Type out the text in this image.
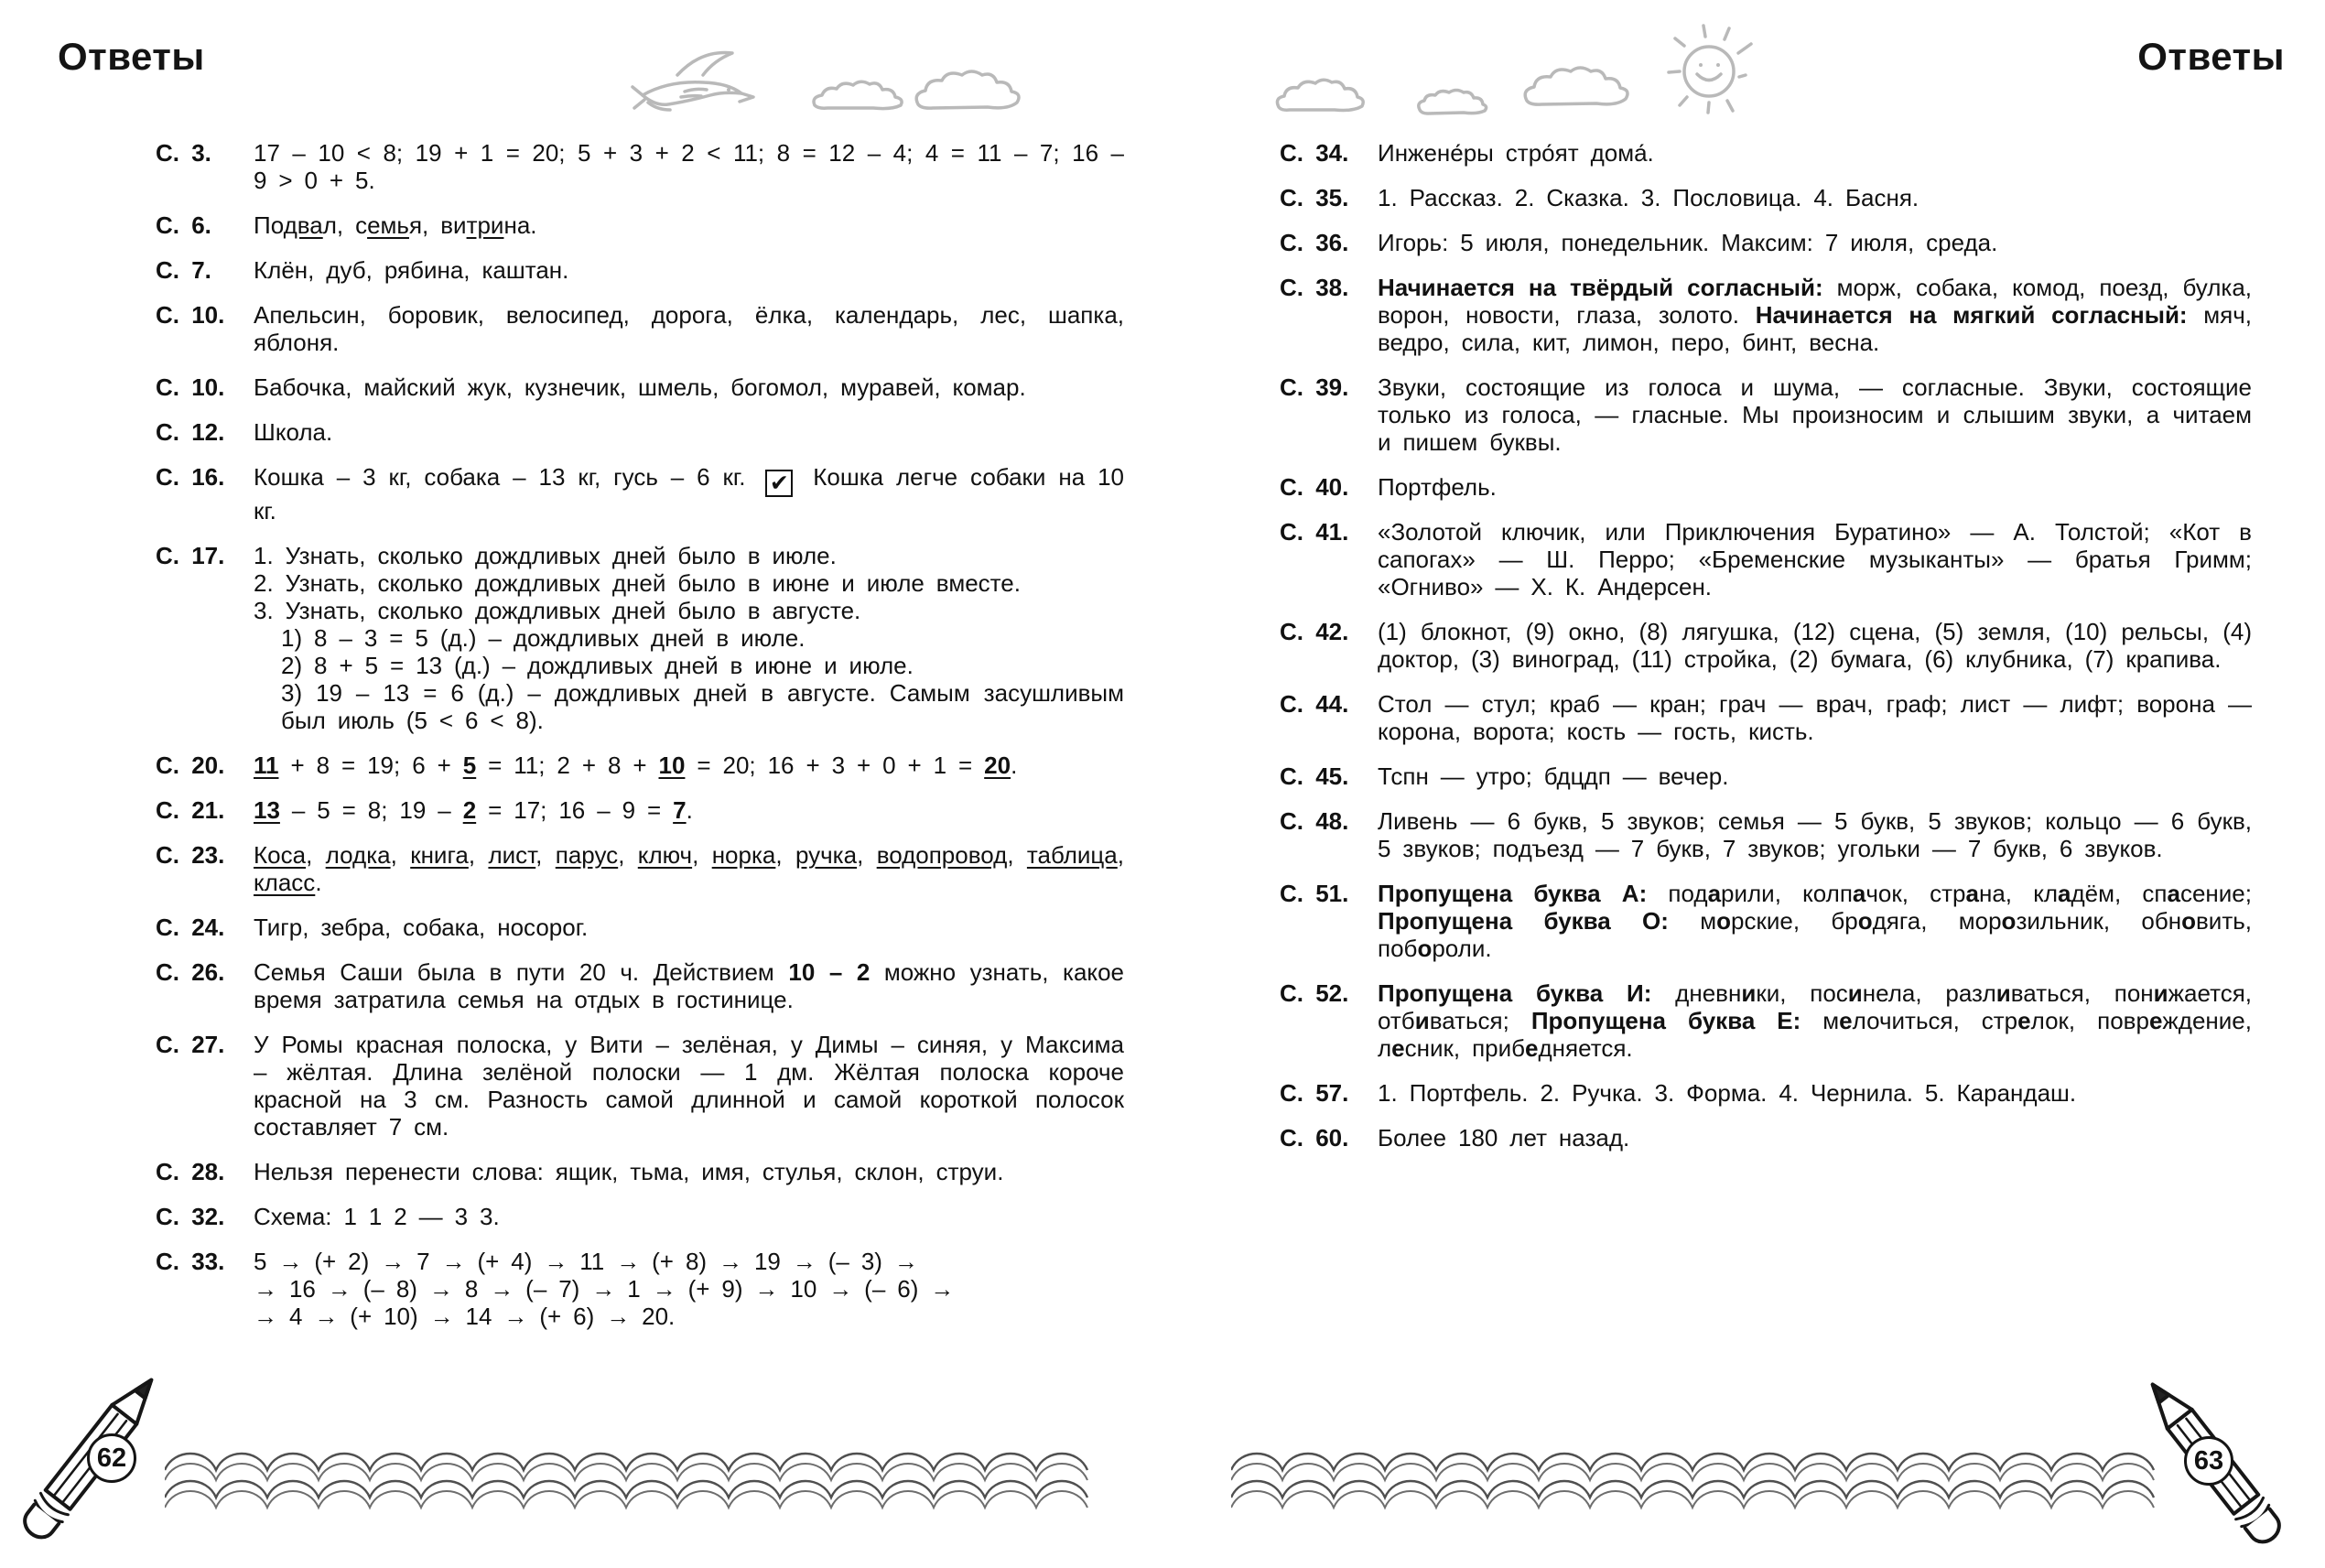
Ответы	Ответы
С. 3.	17 – 10 < 8; 19 + 1 = 20; 5 + 3 + 2 < 11; 8 = 12 – 4; 4 = 11 – 7; 16 – 9 > 0 + 5.
С. 6.	Подвал, семья, витрина.
С. 7.	Клён, дуб, рябина, каштан.
С. 10.	Апельсин, боровик, велосипед, дорога, ёлка, календарь, лес, шапка, яблоня.
С. 10.	Бабочка, майский жук, кузнечик, шмель, богомол, муравей, комар.
С. 12.	Школа.
С. 16.	Кошка – 3 кг, собака – 13 кг, гусь – 6 кг. ✔ Кошка легче собаки на 10 кг.
С. 17.	1. Узнать, сколько дождливых дней было в июле.
2. Узнать, сколько дождливых дней было в июне и июле вместе.
3. Узнать, сколько дождливых дней было в августе.
1) 8 – 3 = 5 (д.) – дождливых дней в июле.
2) 8 + 5 = 13 (д.) – дождливых дней в июне и июле.
3) 19 – 13 = 6 (д.) – дождливых дней в августе. Самым засушливым был июль (5 < 6 < 8).
С. 20.	11 + 8 = 19; 6 + 5 = 11; 2 + 8 + 10 = 20; 16 + 3 + 0 + 1 = 20.
С. 21.	13 – 5 = 8; 19 – 2 = 17; 16 – 9 = 7.
С. 23.	Коса, лодка, книга, лист, парус, ключ, норка, ручка, водопровод, таблица, класс.
С. 24.	Тигр, зебра, собака, носорог.
С. 26.	Семья Саши была в пути 20 ч. Действием 10 – 2 можно узнать, какое время затратила семья на отдых в гостинице.
С. 27.	У Ромы красная полоска, у Вити – зелёная, у Димы – синяя, у Максима – жёлтая. Длина зелёной полоски — 1 дм. Жёлтая полоска короче красной на 3 см. Разность самой длинной и самой короткой полосок составляет 7 см.
С. 28.	Нельзя перенести слова: ящик, тьма, имя, стулья, склон, струи.
С. 32.	Схема: 1 1 2 — 3 3.
С. 33.	5 → (+ 2) → 7 → (+ 4) → 11 → (+ 8) → 19 → (– 3) →
→ 16 → (– 8) → 8 → (– 7) → 1 → (+ 9) → 10 → (– 6) →
→ 4 → (+ 10) → 14 → (+ 6) → 20.
С. 34.	Инжене́ры стро́ят дома́.
С. 35.	1. Рассказ. 2. Сказка. 3. Пословица. 4. Басня.
С. 36.	Игорь: 5 июля, понедельник. Максим: 7 июля, среда.
С. 38.	Начинается на твёрдый согласный: морж, собака, комод, поезд, булка, ворон, новости, глаза, золото. Начинается на мягкий согласный: мяч, ведро, сила, кит, лимон, перо, бинт, весна.
С. 39.	Звуки, состоящие из голоса и шума, — согласные. Звуки, состоящие только из голоса, — гласные. Мы произносим и слышим звуки, а читаем и пишем буквы.
С. 40.	Портфель.
С. 41.	«Золотой ключик, или Приключения Буратино» — А. Толстой; «Кот в сапогах» — Ш. Перро; «Бременские музыканты» — братья Гримм; «Огниво» — Х. К. Андерсен.
С. 42.	(1) блокнот, (9) окно, (8) лягушка, (12) сцена, (5) земля, (10) рельсы, (4) доктор, (3) виноград, (11) стройка, (2) бумага, (6) клубника, (7) крапива.
С. 44.	Стол — стул; краб — кран; грач — врач, граф; лист — лифт; ворона — корона, ворота; кость — гость, кисть.
С. 45.	Тспн — утро; бдцдп — вечер.
С. 48.	Ливень — 6 букв, 5 звуков; семья — 5 букв, 5 звуков; кольцо — 6 букв, 5 звуков; подъезд — 7 букв, 7 звуков; угольки — 7 букв, 6 звуков.
С. 51.	Пропущена буква А: подарили, колпачок, страна, кладём, спасение; Пропущена буква О: морские, бродяга, морозильник, обновить, побороли.
С. 52.	Пропущена буква И: дневники, посинела, разливаться, понижается, отбиваться; Пропущена буква Е: мелочиться, стрелок, повреждение, лесник, прибедняется.
С. 57.	1. Портфель. 2. Ручка. 3. Форма. 4. Чернила. 5. Карандаш.
С. 60.	Более 180 лет назад.
62	63
